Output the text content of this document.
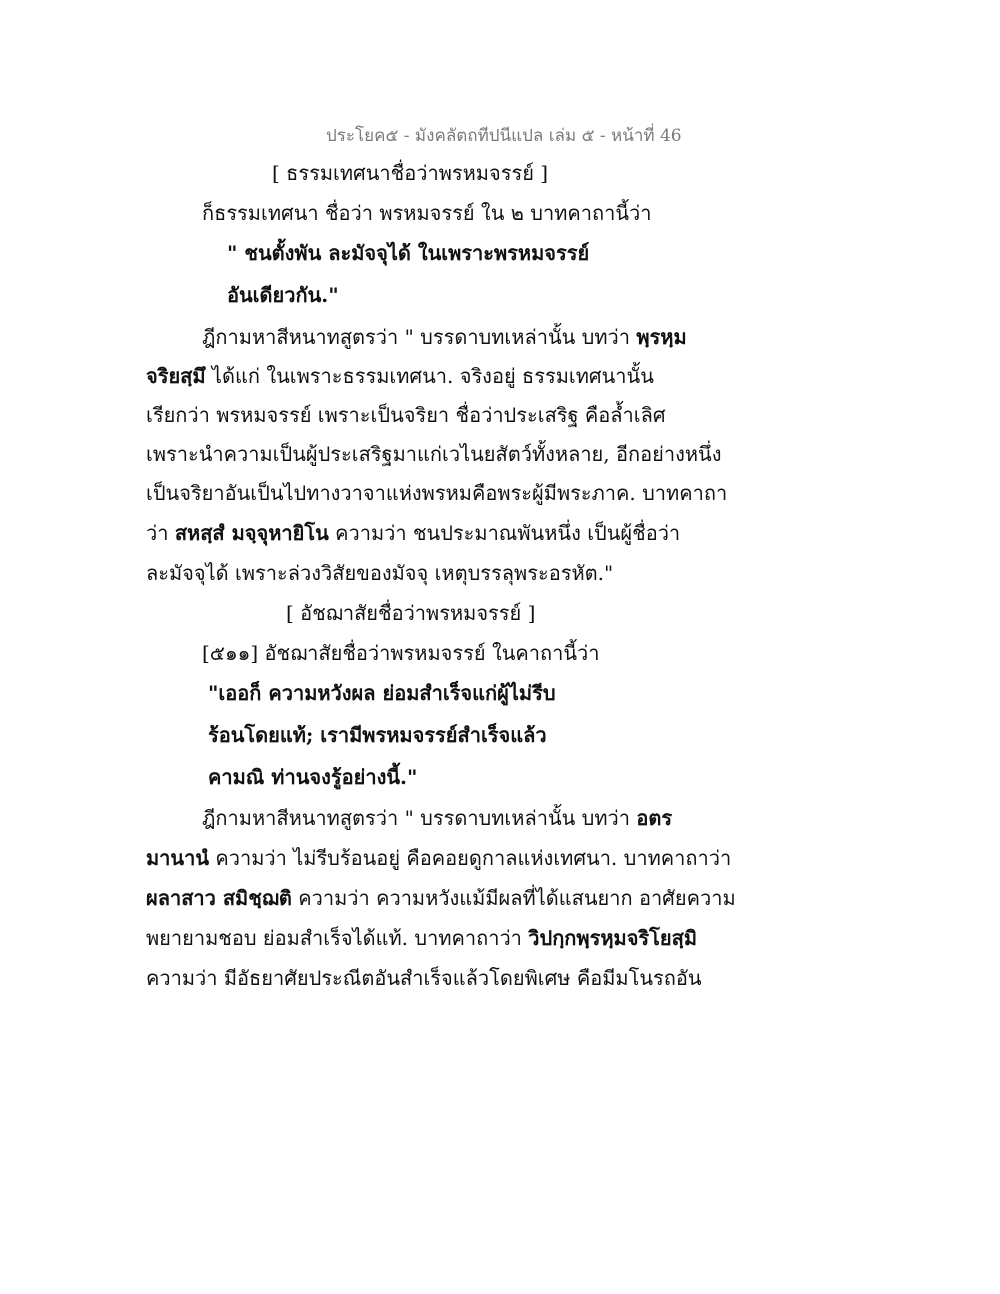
ประโยค๕ - มังคลัตถทีปนีแปล เล่ม ๕ - หน้าที่ 46
[ ธรรมเทศนาชื่อว่าพรหมจรรย์ ]
ก็ธรรมเทศนา ชื่อว่า พรหมจรรย์ ใน ๒ บาทคาถานี้ว่า
" ชนตั้งพัน ละมัจจุได้ ในเพราะพรหมจรรย์
อันเดียวกัน."
ฎีกามหาสีหนาทสูตรว่า " บรรดาบทเหล่านั้น บทว่า พฺรหฺม
จริยสฺมึ ได้แก่ ในเพราะธรรมเทศนา. จริงอยู่ ธรรมเทศนานั้น
เรียกว่า พรหมจรรย์ เพราะเป็นจริยา ชื่อว่าประเสริฐ คือล้ำเลิศ
เพราะนำความเป็นผู้ประเสริฐมาแก่เวไนยสัตว์ทั้งหลาย, อีกอย่างหนึ่ง
เป็นจริยาอันเป็นไปทางวาจาแห่งพรหมคือพระผู้มีพระภาค. บาทคาถา
ว่า สหสฺสํ มจฺจุหายิโน ความว่า ชนประมาณพันหนึ่ง เป็นผู้ชื่อว่า
ละมัจจุได้ เพราะล่วงวิสัยของมัจจุ เหตุบรรลุพระอรหัต."
[ อัชฌาสัยชื่อว่าพรหมจรรย์ ]
[๕๑๑] อัชฌาสัยชื่อว่าพรหมจรรย์ ในคาถานี้ว่า
"เออก็ ความหวังผล ย่อมสำเร็จแก่ผู้ไม่รีบ
ร้อนโดยแท้; เรามีพรหมจรรย์สำเร็จแล้ว
คามณิ ท่านจงรู้อย่างนี้."
ฎีกามหาสีหนาทสูตรว่า " บรรดาบทเหล่านั้น บทว่า อตร
มานานํ ความว่า ไม่รีบร้อนอยู่ คือคอยดูกาลแห่งเทศนา. บาทคาถาว่า
ผลาสาว สมิชฺฌติ ความว่า ความหวังแม้มีผลที่ได้แสนยาก อาศัยความ
พยายามชอบ ย่อมสำเร็จได้แท้. บาทคาถาว่า วิปกฺกพฺรหฺมจริโยสฺมิ
ความว่า มีอัธยาศัยประณีตอันสำเร็จแล้วโดยพิเศษ คือมีมโนรถอัน
